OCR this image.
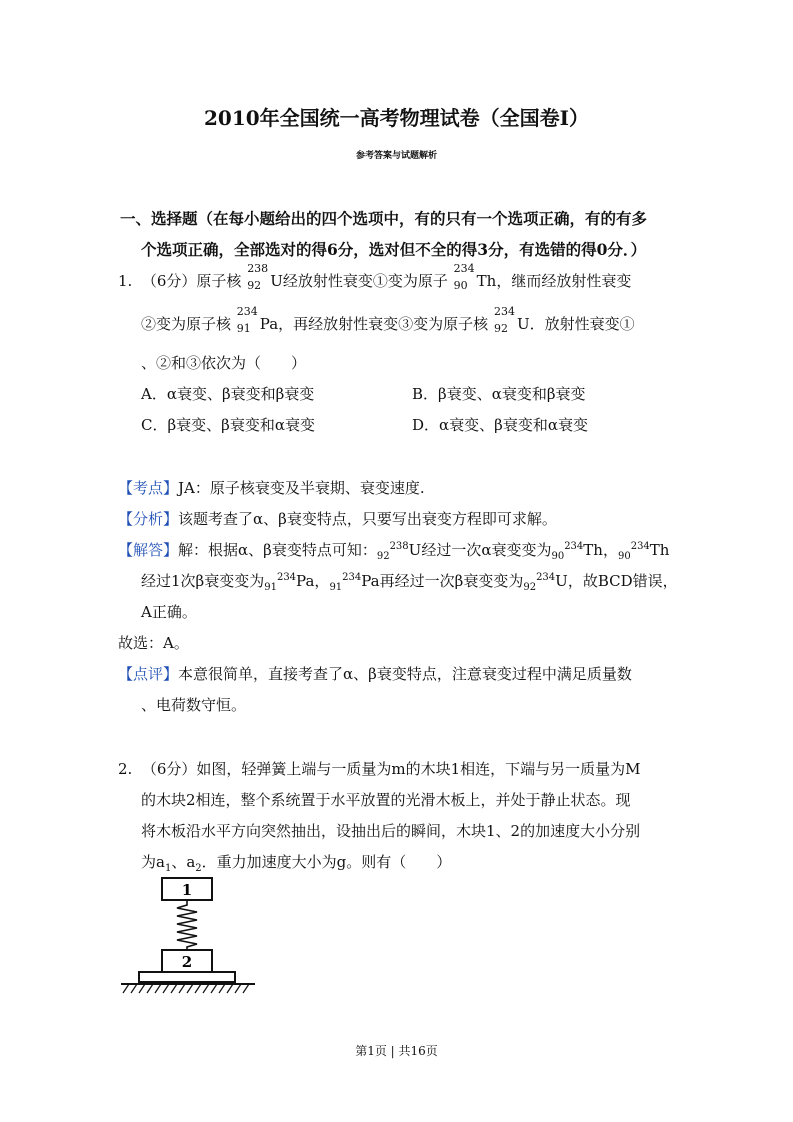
2010年全国统一高考物理试卷（全国卷Ⅰ）
参考答案与试题解析
一、选择题（在每小题给出的四个选项中，有的只有一个选项正确，有的有多
个选项正确，全部选对的得6分，选对但不全的得3分，有选错的得0分．）
1. （6分）原子核
238
92 U经放射性衰变①变为原子
234
90 Th，继而经放射性衰变
②变为原子核
234
91 Pa，再经放射性衰变③变为原子核
234
92 U．放射性衰变①
、②和③依次为（　　）
A．α衰变、β衰变和β衰变	B．β衰变、α衰变和β衰变
C．β衰变、β衰变和α衰变	D．α衰变、β衰变和α衰变
【考点】JA：原子核衰变及半衰期、衰变速度.
【分析】该题考查了α、β衰变特点，只要写出衰变方程即可求解。
【解答】解：根据α、β衰变特点可知：$_{92}^{238}$U经过一次α衰变变为$_{90}^{234}$Th，$_{90}^{234}$Th
经过1次β衰变变为$_{91}^{234}$Pa，$_{91}^{234}$Pa再经过一次β衰变变为$_{92}^{234}$U，故BCD错误，
A正确。
故选：A。
【点评】本意很简单，直接考查了α、β衰变特点，注意衰变过程中满足质量数
、电荷数守恒。
2. （6分）如图，轻弹簧上端与一质量为m的木块1相连，下端与另一质量为M
的木块2相连，整个系统置于水平放置的光滑木板上，并处于静止状态。现
将木板沿水平方向突然抽出，设抽出后的瞬间，木块1、2的加速度大小分别
为$a_1$、$a_2$．重力加速度大小为g。则有（　　）
1
2
第1页 | 共16页
